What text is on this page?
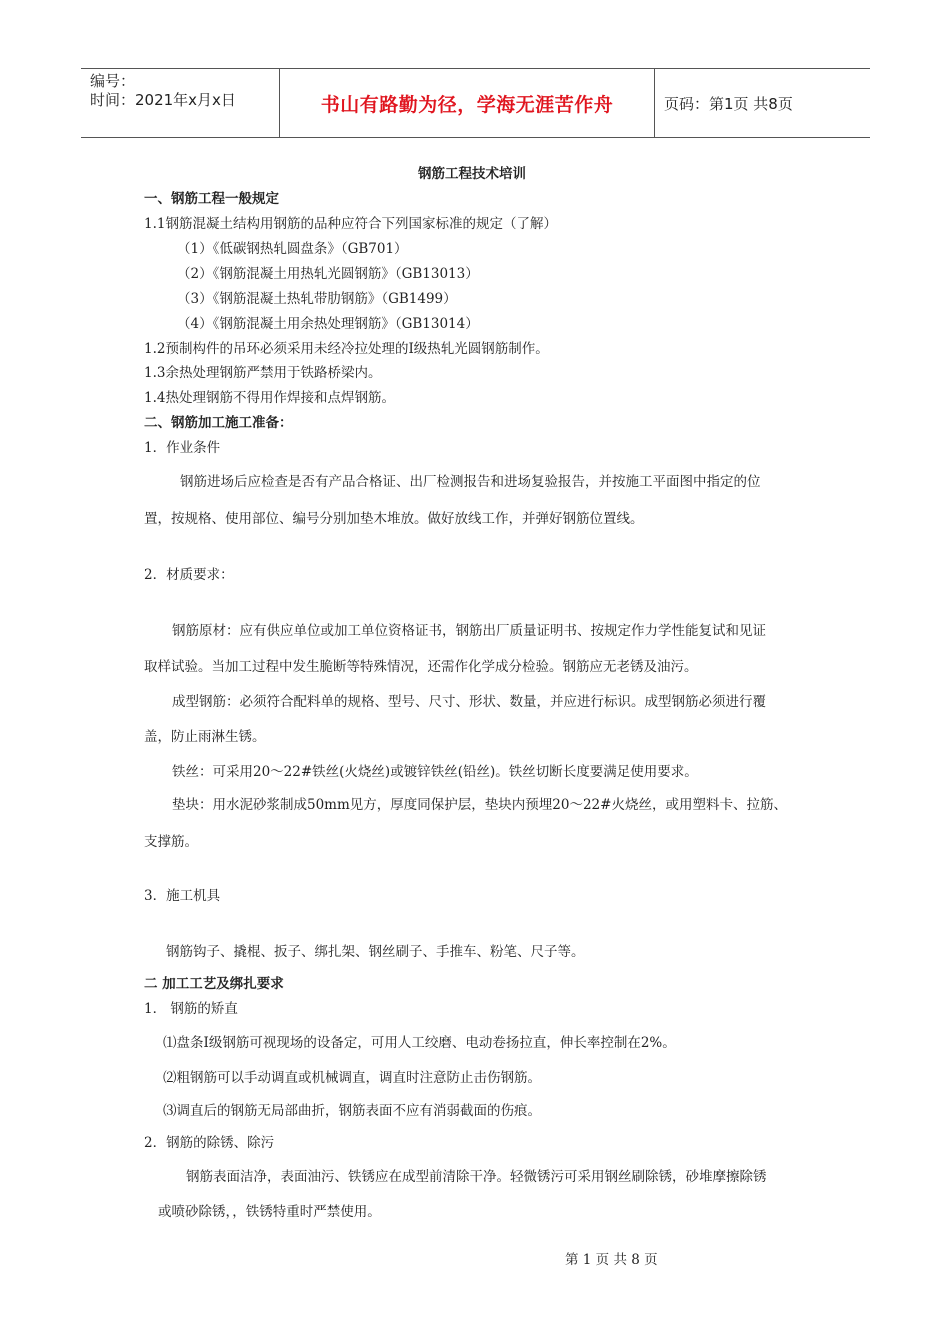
编号：
时间：2021年x月x日	书山有路勤为径，学海无涯苦作舟	页码：第1页 共8页
钢筋工程技术培训
一、钢筋工程一般规定
1.1钢筋混凝土结构用钢筋的品种应符合下列国家标准的规定（了解）
（1）《低碳钢热轧圆盘条》（GB701）
（2）《钢筋混凝土用热轧光圆钢筋》（GB13013）
（3）《钢筋混凝土热轧带肋钢筋》（GB1499）
（4）《钢筋混凝土用余热处理钢筋》（GB13014）
1.2预制构件的吊环必须采用未经冷拉处理的Ⅰ级热轧光圆钢筋制作。
1.3余热处理钢筋严禁用于铁路桥梁内。
1.4热处理钢筋不得用作焊接和点焊钢筋。
二、钢筋加工施工准备：
1．作业条件
钢筋进场后应检查是否有产品合格证、出厂检测报告和进场复验报告，并按施工平面图中指定的位
置，按规格、使用部位、编号分别加垫木堆放。做好放线工作，并弹好钢筋位置线。
2．材质要求：
钢筋原材：应有供应单位或加工单位资格证书，钢筋出厂质量证明书、按规定作力学性能复试和见证
取样试验。当加工过程中发生脆断等特殊情况，还需作化学成分检验。钢筋应无老锈及油污。
成型钢筋：必须符合配料单的规格、型号、尺寸、形状、数量，并应进行标识。成型钢筋必须进行覆
盖，防止雨淋生锈。
铁丝：可采用20～22#铁丝(火烧丝)或镀锌铁丝(铅丝)。铁丝切断长度要满足使用要求。
垫块：用水泥砂浆制成50mm见方，厚度同保护层，垫块内预埋20～22#火烧丝，或用塑料卡、拉筋、
支撑筋。
3．施工机具
钢筋钩子、撬棍、扳子、绑扎架、钢丝刷子、手推车、粉笔、尺子等。
二 加工工艺及绑扎要求
1． 钢筋的矫直
⑴盘条Ⅰ级钢筋可视现场的设备定，可用人工绞磨、电动卷扬拉直，伸长率控制在2%。
⑵粗钢筋可以手动调直或机械调直，调直时注意防止击伤钢筋。
⑶调直后的钢筋无局部曲折，钢筋表面不应有消弱截面的伤痕。
2．钢筋的除锈、除污
钢筋表面洁净，表面油污、铁锈应在成型前清除干净。轻微锈污可采用钢丝刷除锈，砂堆摩擦除锈
或喷砂除锈，，铁锈特重时严禁使用。
第 1 页 共 8 页
